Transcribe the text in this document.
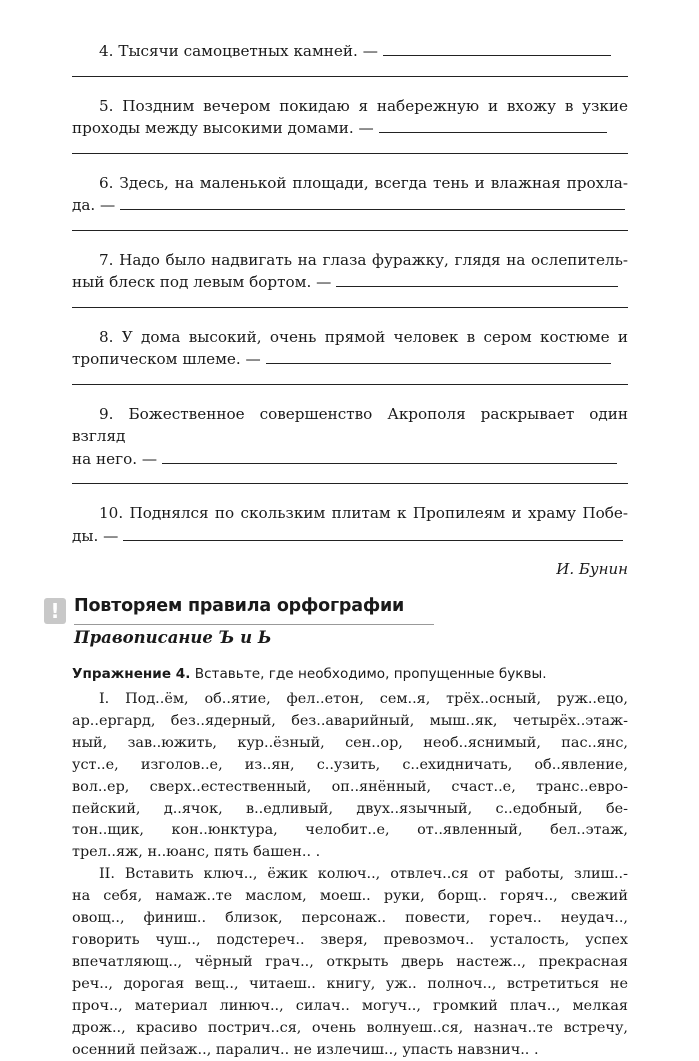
4. Тысячи самоцветных камней. —

5. Поздним вечером покидаю я набережную и вхожу в узкие

проходы между высокими домами. —

6. Здесь, на маленькой площади, всегда тень и влажная прохла-

да. —

7. Надо было надвигать на глаза фуражку, глядя на ослепитель-

ный блеск под левым бортом. —

8. У дома высокий, очень прямой человек в сером костюме и

тропическом шлеме. —

9. Божественное совершенство Акрополя раскрывает один взгляд

на него. —

10. Поднялся по скользким плитам к Пропилеям и храму Побе-

ды. —
И. Бунин
! Повторяем правила орфографии
Правописание Ъ и Ь
Упражнение 4. Вставьте, где необходимо, пропущенные буквы.
I. Под..ём, об..ятие, фел..етон, сем..я, трёх..осный, руж..ецо,
ар..ергард, без..ядерный, без..аварийный, мыш..як, четырёх..этаж-
ный, зав..южить, кур..ёзный, сен..ор, необ..яснимый, пас..янс,
уст..е, изголов..е, из..ян, с..узить, с..ехидничать, об..явление,
вол..ер, сверх..естественный, оп..янённый, счаст..е, транс..евро-
пейский, д..ячок, в..едливый, двух..язычный, с..едобный, бе-
тон..щик, кон..юнктура, челобит..е, от..явленный, бел..этаж,
трел..яж, н..юанс, пять башен.. .
II. Вставить ключ.., ёжик колюч.., отвлеч..ся от работы, злиш..-
на себя, намаж..те маслом, моеш.. руки, борщ.. горяч.., свежий
овощ.., финиш.. близок, персонаж.. повести, гореч.. неудач..,
говорить чуш.., подстереч.. зверя, превозмоч.. усталость, успех
впечатляющ.., чёрный грач.., открыть дверь настеж.., прекрасная
реч.., дорогая вещ.., читаеш.. книгу, уж.. полноч.., встретиться не
проч.., материал линюч.., силач.. могуч.., громкий плач.., мелкая
дрож.., красиво пострич..ся, очень волнуеш..ся, назнач..те встречу,
осенний пейзаж.., паралич.. не излечиш.., упасть навзнич.. .
